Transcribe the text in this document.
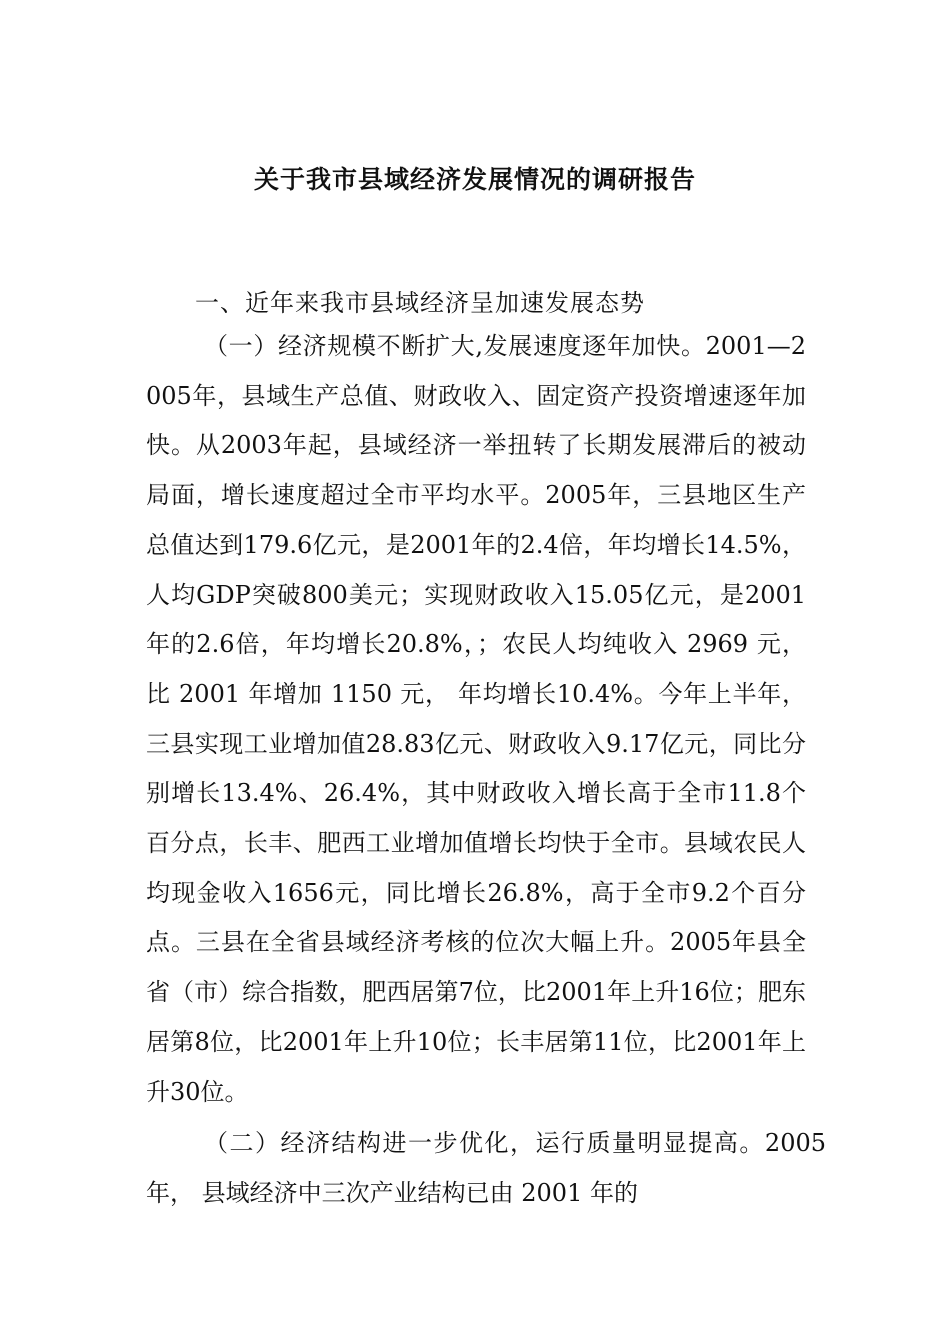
关于我市县域经济发展情况的调研报告
一、近年来我市县域经济呈加速发展态势

（一）经济规模不断扩大,发展速度逐年加快。2001—2005年，县域生产总值、财政收入、固定资产投资增速逐年加快。从2003年起，县域经济一举扭转了长期发展滞后的被动局面，增长速度超过全市平均水平。2005年，三县地区生产总值达到179.6亿元，是2001年的2.4倍，年均增长14.5%，人均GDP突破800美元；实现财政收入15.05亿元，是2001年的2.6倍，年均增长20.8%，；农民人均纯收入 2969 元， 比 2001 年增加 1150 元， 年均增长10.4%。今年上半年，三县实现工业增加值28.83亿元、财政收入9.17亿元，同比分别增长13.4%、26.4%，其中财政收入增长高于全市11.8个百分点，长丰、肥西工业增加值增长均快于全市。县域农民人均现金收入1656元，同比增长26.8%，高于全市9.2个百分点。三县在全省县域经济考核的位次大幅上升。2005年县全省（市）综合指数，肥西居第7位，比2001年上升16位；肥东居第8位，比2001年上升10位；长丰居第11位，比2001年上升30位。

（二）经济结构进一步优化，运行质量明显提高。2005 年， 县域经济中三次产业结构已由 2001 年的
